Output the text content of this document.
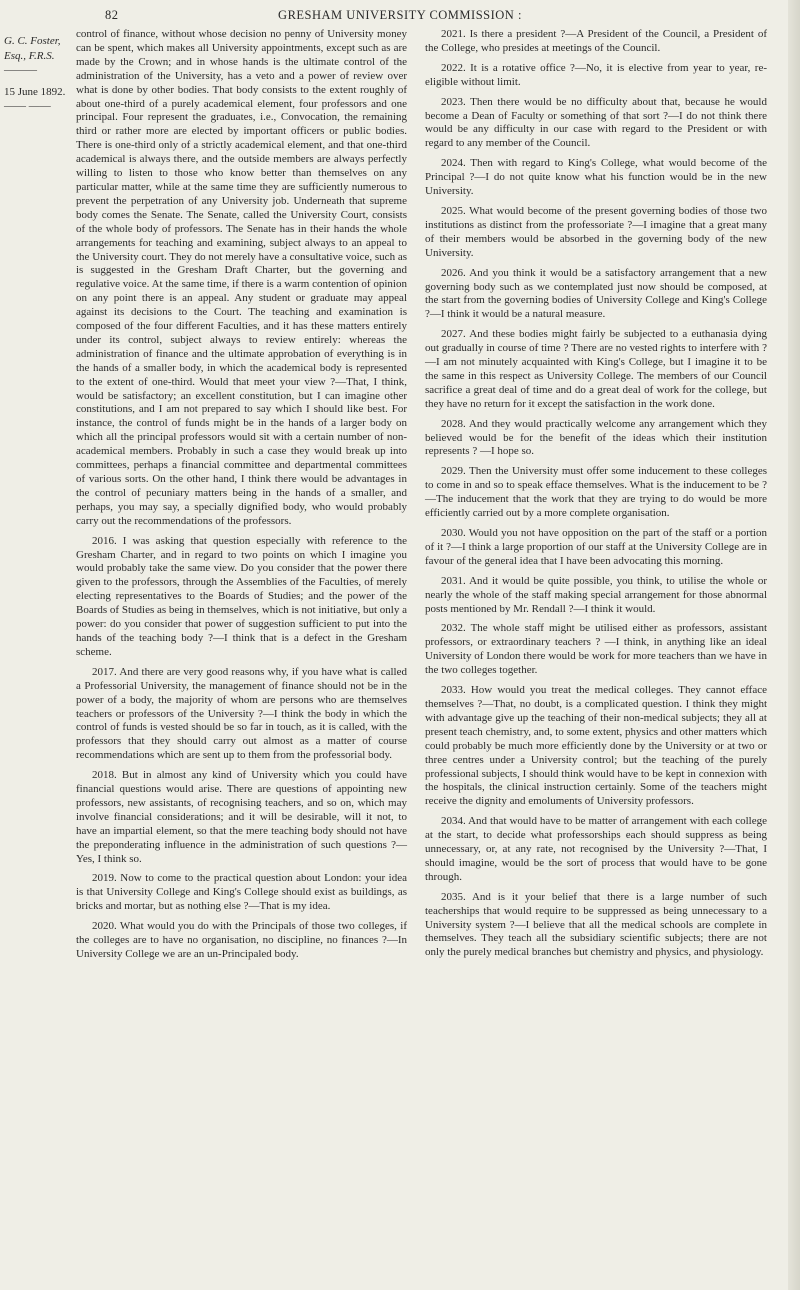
82	GRESHAM UNIVERSITY COMMISSION :
G. C. Foster, Esq., F.R.S.
———
15 June 1892.
—— ——

control of finance, without whose decision no penny of University money can be spent, which makes all University appointments, except such as are made by the Crown; and in whose hands is the ultimate control of the administration of the University, has a veto and a power of review over what is done by other bodies. That body consists to the extent roughly of about one-third of a purely academical element, four professors and one principal. Four represent the graduates, i.e., Convocation, the remaining third or rather more are elected by important officers or public bodies. There is one-third only of a strictly academical element, and that one-third academical is always there, and the outside members are always perfectly willing to listen to those who know better than themselves on any particular matter, while at the same time they are sufficiently numerous to prevent the perpetration of any University job. Underneath that supreme body comes the Senate. The Senate, called the University Court, consists of the whole body of professors. The Senate has in their hands the whole arrangements for teaching and examining, subject always to an appeal to the University court. They do not merely have a consultative voice, such as is suggested in the Gresham Draft Charter, but the governing and regulative voice. At the same time, if there is a warm contention of opinion on any point there is an appeal. Any student or graduate may appeal against its decisions to the Court. The teaching and examination is composed of the four different Faculties, and it has these matters entirely under its control, subject always to review entirely: whereas the administration of finance and the ultimate approbation of everything is in the hands of a smaller body, in which the academical body is represented to the extent of one-third. Would that meet your view ?—That, I think, would be satisfactory; an excellent constitution, but I can imagine other constitutions, and I am not prepared to say which I should like best. For instance, the control of funds might be in the hands of a larger body on which all the principal professors would sit with a certain number of non-academical members. Probably in such a case they would break up into committees, perhaps a financial committee and departmental committees of various sorts. On the other hand, I think there would be advantages in the control of pecuniary matters being in the hands of a smaller, and perhaps, you may say, a specially dignified body, who would probably carry out the recommendations of the professors.

2016. I was asking that question especially with reference to the Gresham Charter, and in regard to two points on which I imagine you would probably take the same view. Do you consider that the power there given to the professors, through the Assemblies of the Faculties, of merely electing representatives to the Boards of Studies; and the power of the Boards of Studies as being in themselves, which is not initiative, but only a power: do you consider that power of suggestion sufficient to put into the hands of the teaching body ?—I think that is a defect in the Gresham scheme.

2017. And there are very good reasons why, if you have what is called a Professorial University, the management of finance should not be in the power of a body, the majority of whom are persons who are themselves teachers or professors of the University ?—I think the body in which the control of funds is vested should be so far in touch, as it is called, with the professors that they should carry out almost as a matter of course recommendations which are sent up to them from the professorial body.

2018. But in almost any kind of University which you could have financial questions would arise. There are questions of appointing new professors, new assistants, of recognising teachers, and so on, which may involve financial considerations; and it will be desirable, will it not, to have an impartial element, so that the mere teaching body should not have the preponderating influence in the administration of such questions ?—Yes, I think so.

2019. Now to come to the practical question about London: your idea is that University College and King's College should exist as buildings, as bricks and mortar, but as nothing else ?—That is my idea.

2020. What would you do with the Principals of those two colleges, if the colleges are to have no organisation, no discipline, no finances ?—In University College we are an un-Principaled body.

2021. Is there a president ?—A President of the Council, a President of the College, who presides at meetings of the Council.

2022. It is a rotative office ?—No, it is elective from year to year, re-eligible without limit.

2023. Then there would be no difficulty about that, because he would become a Dean of Faculty or something of that sort ?—I do not think there would be any difficulty in our case with regard to the President or with regard to any member of the Council.

2024. Then with regard to King's College, what would become of the Principal ?—I do not quite know what his function would be in the new University.

2025. What would become of the present governing bodies of those two institutions as distinct from the professoriate ?—I imagine that a great many of their members would be absorbed in the governing body of the new University.

2026. And you think it would be a satisfactory arrangement that a new governing body such as we contemplated just now should be composed, at the start from the governing bodies of University College and King's College ?—I think it would be a natural measure.

2027. And these bodies might fairly be subjected to a euthanasia dying out gradually in course of time ? There are no vested rights to interfere with ?—I am not minutely acquainted with King's College, but I imagine it to be the same in this respect as University College. The members of our Council sacrifice a great deal of time and do a great deal of work for the college, but they have no return for it except the satisfaction in the work done.

2028. And they would practically welcome any arrangement which they believed would be for the benefit of the ideas which their institution represents ? —I hope so.

2029. Then the University must offer some inducement to these colleges to come in and so to speak efface themselves. What is the inducement to be ?—The inducement that the work that they are trying to do would be more efficiently carried out by a more complete organisation.

2030. Would you not have opposition on the part of the staff or a portion of it ?—I think a large proportion of our staff at the University College are in favour of the general idea that I have been advocating this morning.

2031. And it would be quite possible, you think, to utilise the whole or nearly the whole of the staff making special arrangement for those abnormal posts mentioned by Mr. Rendall ?—I think it would.

2032. The whole staff might be utilised either as professors, assistant professors, or extraordinary teachers ? —I think, in anything like an ideal University of London there would be work for more teachers than we have in the two colleges together.

2033. How would you treat the medical colleges. They cannot efface themselves ?—That, no doubt, is a complicated question. I think they might with advantage give up the teaching of their non-medical subjects; they all at present teach chemistry, and, to some extent, physics and other matters which could probably be much more efficiently done by the University or at two or three centres under a University control; but the teaching of the purely professional subjects, I should think would have to be kept in connexion with the hospitals, the clinical instruction certainly. Some of the teachers might receive the dignity and emoluments of University professors.

2034. And that would have to be matter of arrangement with each college at the start, to decide what professorships each should suppress as being unnecessary, or, at any rate, not recognised by the University ?—That, I should imagine, would be the sort of process that would have to be gone through.

2035. And is it your belief that there is a large number of such teacherships that would require to be suppressed as being unnecessary to a University system ?—I believe that all the medical schools are complete in themselves. They teach all the subsidiary scientific subjects; there are not only the purely medical branches but chemistry and physics, and physiology.
